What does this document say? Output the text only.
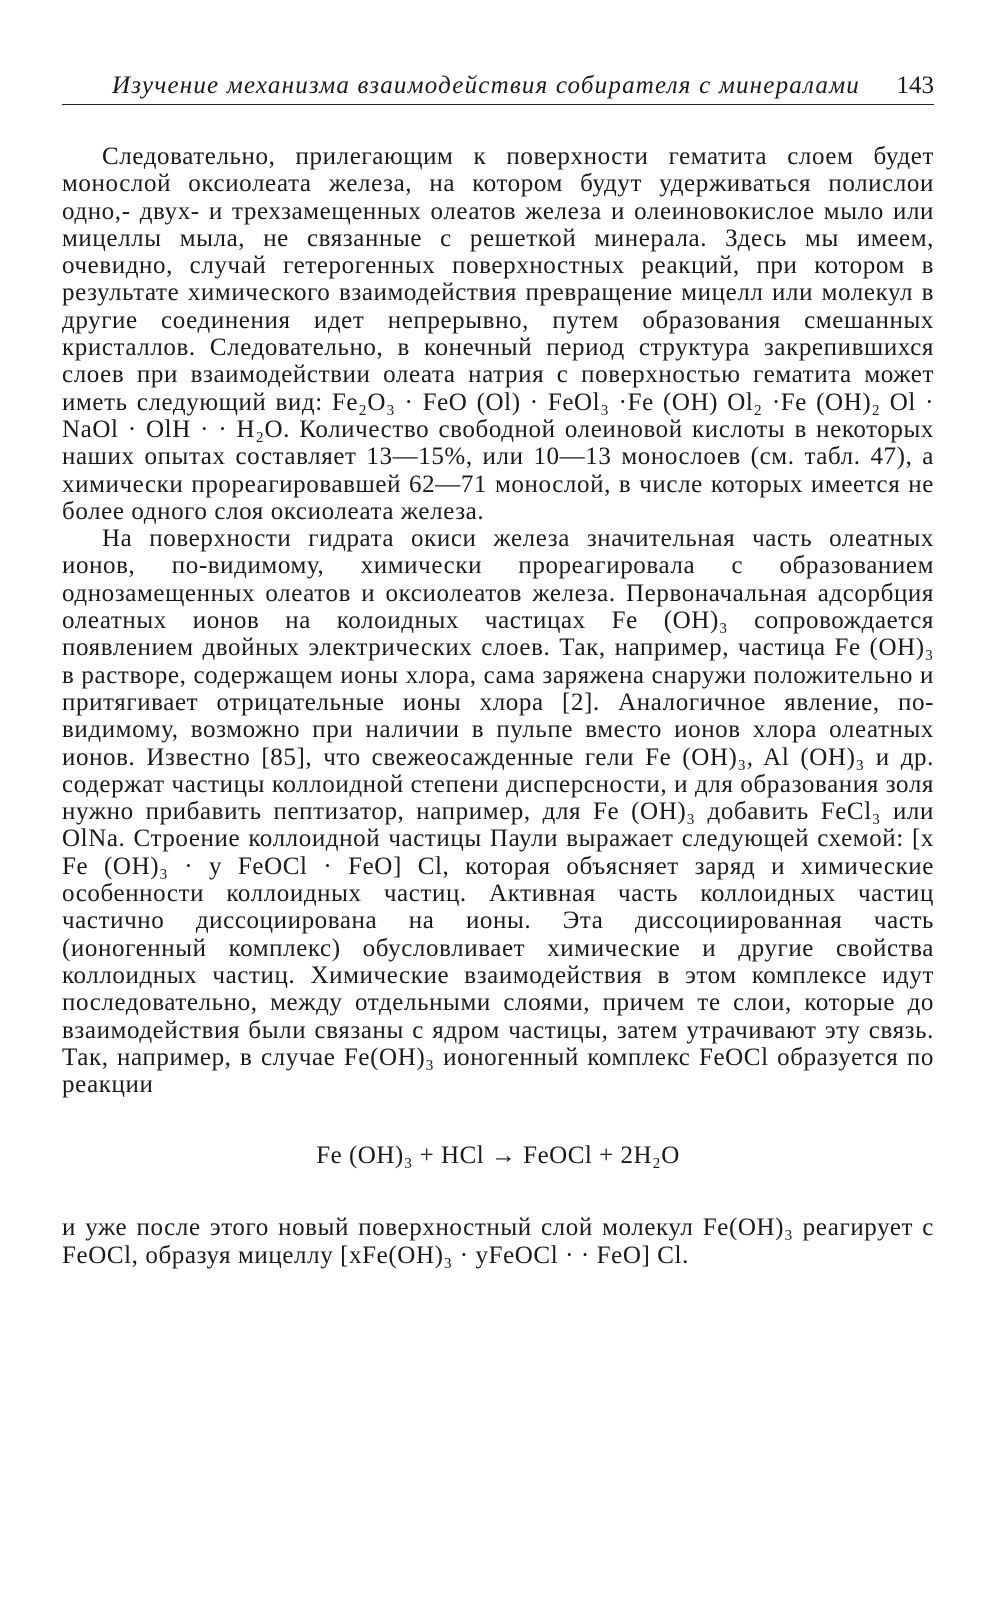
Изучение механизма взаимодействия собирателя с минералами 143

Следовательно, прилегающим к поверхности гематита слоем будет монослой оксиолеата железа, на котором будут удерживаться полислои одно,- двух- и трехзамещенных олеатов железа и олеиновокислое мыло или мицеллы мыла, не связанные с решеткой минерала. Здесь мы имеем, очевидно, случай гетерогенных поверхностных реакций, при котором в результате химического взаимодействия превращение мицелл или молекул в другие соединения идет непрерывно, путем образования смешанных кристаллов. Следовательно, в конечный период структура закрепившихся слоев при взаимодействии олеата натрия с поверхностью гематита может иметь следующий вид: Fe₂O₃ · FeO (Ol) · FeOl₃ ·Fe (OH) Ol₂ ·Fe (OH)₂ Ol · NaOl · OlH · · H₂O. Количество свободной олеиновой кислоты в некоторых наших опытах составляет 13—15%, или 10—13 монослоев (см. табл. 47), а химически прореагировавшей 62—71 монослой, в числе которых имеется не более одного слоя оксиолеата железа.

На поверхности гидрата окиси железа значительная часть олеатных ионов, по-видимому, химически прореагировала с образованием однозамещенных олеатов и оксиолеатов железа. Первоначальная адсорбция олеатных ионов на колоидных частицах Fe (OH)₃ сопровождается появлением двойных электрических слоев. Так, например, частица Fe (OH)₃ в растворе, содержащем ионы хлора, сама заряжена снаружи положительно и притягивает отрицательные ионы хлора [2]. Аналогичное явление, по-видимому, возможно при наличии в пульпе вместо ионов хлора олеатных ионов. Известно [85], что свежеосажденные гели Fe (OH)₃, Al (OH)₃ и др. содержат частицы коллоидной степени дисперсности, и для образования золя нужно прибавить пептизатор, например, для Fe (OH)₃ добавить FeCl₃ или OlNa. Строение коллоидной частицы Паули выражает следующей схемой: [x Fe (OH)₃ · y FeOCl · FeO] Cl, которая объясняет заряд и химические особенности коллоидных частиц. Активная часть коллоидных частиц частично диссоциирована на ионы. Эта диссоциированная часть (ионогенный комплекс) обусловливает химические и другие свойства коллоидных частиц. Химические взаимодействия в этом комплексе идут последовательно, между отдельными слоями, причем те слои, которые до взаимодействия были связаны с ядром частицы, затем утрачивают эту связь. Так, например, в случае Fe(OH)₃ ионогенный комплекс FeOCl образуется по реакции

Fe (OH)₃ + HCl → FeOCl + 2H₂O

и уже после этого новый поверхностный слой молекул Fe(OH)₃ реагирует с FeOCl, образуя мицеллу [xFe(OH)₃ · yFeOCl · · FeO] Cl.
